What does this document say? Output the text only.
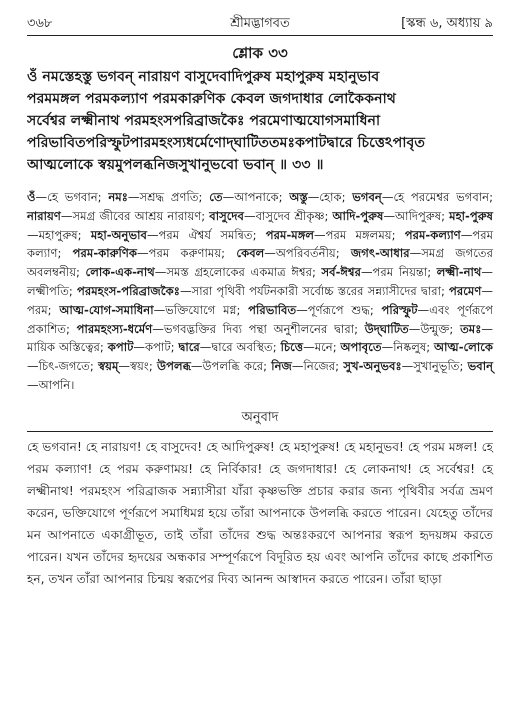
৩৬৮	শ্রীমদ্ভাগবত	[স্কন্ধ ৬, অধ্যায় ৯
শ্লোক ৩৩
ওঁ নমস্তেহস্তু ভগবন্ নারায়ণ বাসুদেবাদিপুরুষ মহাপুরুষ মহানুভাব
পরমমঙ্গল পরমকল্যাণ পরমকারুণিক কেবল জগদাধার লোকৈকনাথ
সর্বেশ্বর লক্ষ্মীনাথ পরমহংসপরিব্রাজকৈঃ পরমেণাত্মযোগসমাধিনা
পরিভাবিতপরিস্ফুটপারমহংস্যধর্মেণোদ্‌ঘাটিততমঃকপাটদ্বারে চিত্তেঽপাবৃত
আত্মলোকে স্বয়মুপলব্ধনিজসুখানুভবো ভবান্ ॥ ৩৩ ॥
ওঁ—হে ভগবান; নমঃ—সশ্রদ্ধ প্রণতি; তে—আপনাকে; অস্তু—হোক; ভগবন্—হে পরমেশ্বর ভগবান; নারায়ণ—সমগ্র জীবের আশ্রয় নারায়ণ; বাসুদেব—বাসুদেব শ্রীকৃষ্ণ; আদি-পুরুষ—আদিপুরুষ; মহা-পুরুষ—মহাপুরুষ; মহা-অনুভাব—পরম ঐশ্বর্য সমন্বিত; পরম-মঙ্গল—পরম মঙ্গলময়; পরম-কল্যাণ—পরম কল্যাণ; পরম-কারুণিক—পরম করুণাময়; কেবল—অপরিবর্তনীয়; জগৎ-আধার—সমগ্র জগতের অবলম্বনীয়; লোক-এক-নাথ—সমস্ত গ্রহলোকের একমাত্র ঈশ্বর; সর্ব-ঈশ্বর—পরম নিয়ন্তা; লক্ষ্মী-নাথ—লক্ষ্মীপতি; পরমহংস-পরিব্রাজকৈঃ—সারা পৃথিবী পর্যটনকারী সর্বোচ্চ স্তরের সন্ন্যাসীদের দ্বারা; পরমেণ—পরম; আত্ম-যোগ-সমাধিনা—ভক্তিযোগে মগ্ন; পরিভাবিত—পূর্ণরূপে শুদ্ধ; পরিস্ফুট—এবং পূর্ণরূপে প্রকাশিত; পারমহংস্য-ধর্মেণ—ভগবদ্ভক্তির দিব্য পন্থা অনুশীলনের দ্বারা; উদ্‌ঘাটিত—উন্মুক্ত; তমঃ—মায়িক অস্তিত্বের; কপাট—কপাট; দ্বারে—দ্বারে অবস্থিত; চিত্তে—মনে; অপাবৃতে—নিষ্কলুষ; আত্ম-লোকে—চিৎ-জগতে; স্বয়ম্—স্বয়ং; উপলব্ধ—উপলব্ধি করে; নিজ—নিজের; সুখ-অনুভবঃ—সুখানুভূতি; ভবান্—আপনি।
অনুবাদ
হে ভগবান! হে নারায়ণ! হে বাসুদেব! হে আদিপুরুষ! হে মহাপুরুষ! হে মহানুভব! হে পরম মঙ্গল! হে পরম কল্যাণ! হে পরম করুণাময়! হে নির্বিকার! হে জগদাধার! হে লোকনাথ! হে সর্বেশ্বর! হে লক্ষ্মীনাথ! পরমহংস পরিব্রাজক সন্ন্যাসীরা যাঁরা কৃষ্ণভক্তি প্রচার করার জন্য পৃথিবীর সর্বত্র ভ্রমণ করেন, ভক্তিযোগে পূর্ণরূপে সমাধিমগ্ন হয়ে তাঁরা আপনাকে উপলব্ধি করতে পারেন। যেহেতু তাঁদের মন আপনাতে একাগ্রীভূত, তাই তাঁরা তাঁদের শুদ্ধ অন্তঃকরণে আপনার স্বরূপ হৃদয়ঙ্গম করতে পারেন। যখন তাঁদের হৃদয়ের অন্ধকার সম্পূর্ণরূপে বিদূরিত হয় এবং আপনি তাঁদের কাছে প্রকাশিত হন, তখন তাঁরা আপনার চিন্ময় স্বরূপের দিব্য আনন্দ আস্বাদন করতে পারেন। তাঁরা ছাড়া
